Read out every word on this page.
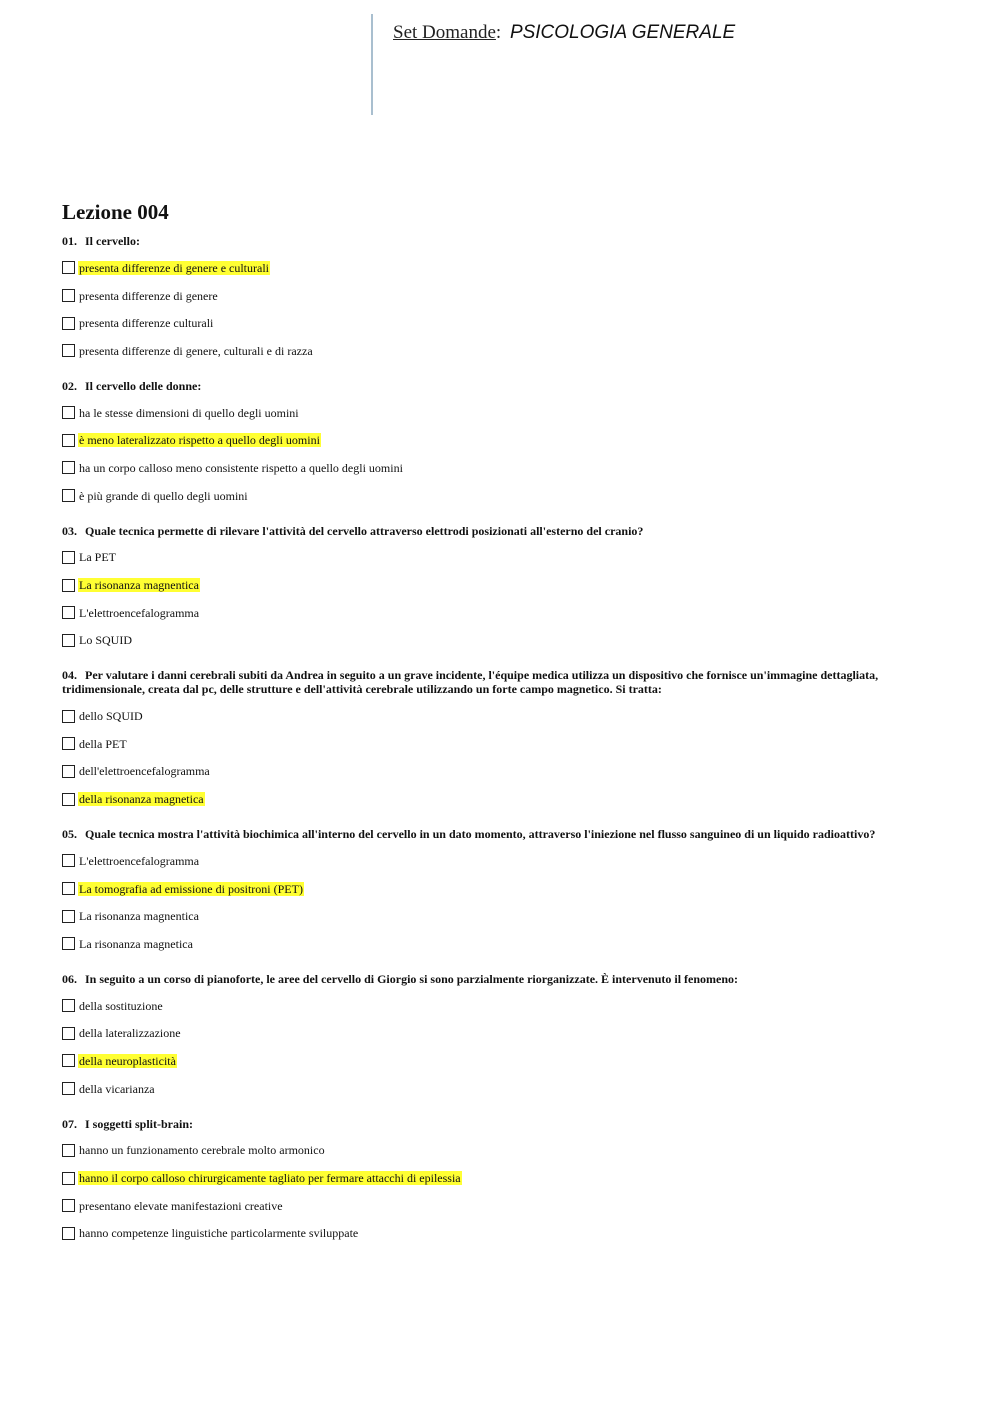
Set Domande: PSICOLOGIA GENERALE
Lezione 004

01. Il cervello:

presenta differenze di genere e culturali
presenta differenze di genere
presenta differenze culturali
presenta differenze di genere, culturali e di razza

02. Il cervello delle donne:

ha le stesse dimensioni di quello degli uomini
è meno lateralizzato rispetto a quello degli uomini
ha un corpo calloso meno consistente rispetto a quello degli uomini
è più grande di quello degli uomini

03. Quale tecnica permette di rilevare l'attività del cervello attraverso elettrodi posizionati all'esterno del cranio?

La PET
La risonanza magnentica
L'elettroencefalogramma
Lo SQUID

04. Per valutare i danni cerebrali subiti da Andrea in seguito a un grave incidente, l'équipe medica utilizza un dispositivo che fornisce un'immagine dettagliata, tridimensionale, creata dal pc, delle strutture e dell'attività cerebrale utilizzando un forte campo magnetico. Si tratta:

dello SQUID
della PET
dell'elettroencefalogramma
della risonanza magnetica

05. Quale tecnica mostra l'attività biochimica all'interno del cervello in un dato momento, attraverso l'iniezione nel flusso sanguineo di un liquido radioattivo?

L'elettroencefalogramma
La tomografia ad emissione di positroni (PET)
La risonanza magnentica
La risonanza magnetica

06. In seguito a un corso di pianoforte, le aree del cervello di Giorgio si sono parzialmente riorganizzate. È intervenuto il fenomeno:

della sostituzione
della lateralizzazione
della neuroplasticità
della vicarianza

07. I soggetti split-brain:

hanno un funzionamento cerebrale molto armonico
hanno il corpo calloso chirurgicamente tagliato per fermare attacchi di epilessia
presentano elevate manifestazioni creative
hanno competenze linguistiche particolarmente sviluppate
